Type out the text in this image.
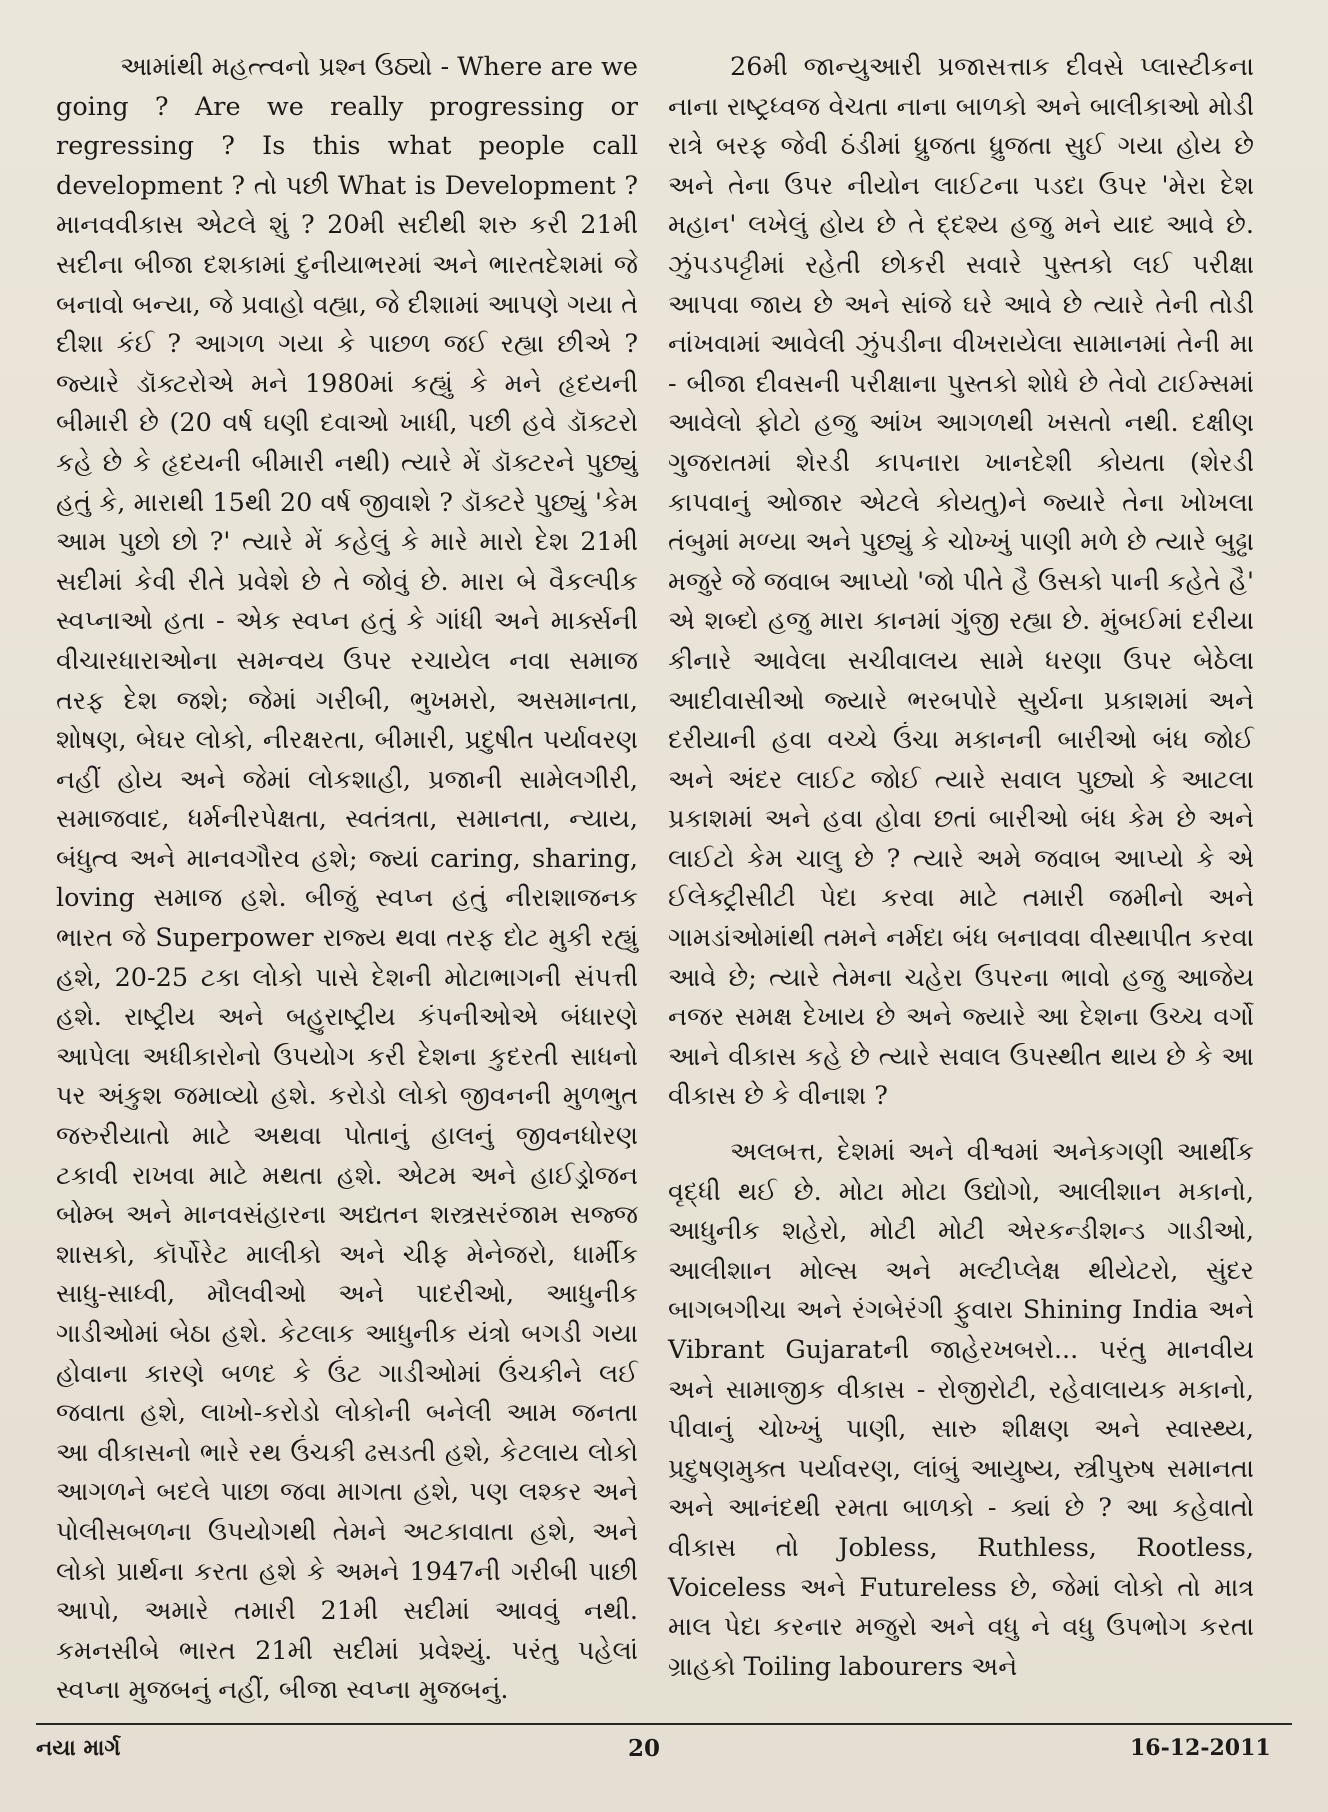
આમાંથી મહત્ત્વનો પ્રશ્ન ઉઠ્યો - Where are we going ? Are we really progressing or regressing ? Is this what people call development ? તો પછી What is Development ? માનવવીકાસ એટલે શું ? 20મી સદીથી શરુ કરી 21મી સદીના બીજા દશકામાં દુનીયાભરમાં અને ભારતદેશમાં જે બનાવો બન્યા, જે પ્રવાહો વહ્યા, જે દીશામાં આપણે ગયા તે દીશા કંઈ ? આગળ ગયા કે પાછળ જઈ રહ્યા છીએ ? જ્યારે ડૉક્ટરોએ મને 1980માં કહ્યું કે મને હૃદયની બીમારી છે (20 વર્ષ ઘણી દવાઓ ખાધી, પછી હવે ડૉક્ટરો કહે છે કે હૃદયની બીમારી નથી) ત્યારે મેં ડૉક્ટરને પુછ્યું હતું કે, મારાથી 15થી 20 વર્ષ જીવાશે ? ડૉક્ટરે પુછ્યું 'કેમ આમ પુછો છો ?' ત્યારે મેં કહેલું કે મારે મારો દેશ 21મી સદીમાં કેવી રીતે પ્રવેશે છે તે જોવું છે. મારા બે વૈકલ્પીક સ્વપ્નાઓ હતા - એક સ્વપ્ન હતું કે ગાંધી અને માર્ક્સની વીચારધારાઓના સમન્વય ઉપર રચાયેલ નવા સમાજ તરફ દેશ જશે; જેમાં ગરીબી, ભુખમરો, અસમાનતા, શોષણ, બેઘર લોકો, નીરક્ષરતા, બીમારી, પ્રદુષીત પર્યાવરણ નહીં હોય અને જેમાં લોકશાહી, પ્રજાની સામેલગીરી, સમાજવાદ, ધર્મનીરપેક્ષતા, સ્વતંત્રતા, સમાનતા, ન્યાય, બંધુત્વ અને માનવગૌરવ હશે; જ્યાં caring, sharing, loving સમાજ હશે. બીજું સ્વપ્ન હતું નીરાશાજનક ભારત જે Superpower રાજ્ય થવા તરફ દોટ મુકી રહ્યું હશે, 20-25 ટકા લોકો પાસે દેશની મોટાભાગની સંપત્તી હશે. રાષ્ટ્રીય અને બહુરાષ્ટ્રીય કંપનીઓએ બંધારણે આપેલા અધીકારોનો ઉપયોગ કરી દેશના કુદરતી સાધનો પર અંકુશ જમાવ્યો હશે. કરોડો લોકો જીવનની મુળભુત જરુરીયાતો માટે અથવા પોતાનું હાલનું જીવનધોરણ ટકાવી રાખવા માટે મથતા હશે. એટમ અને હાઈડ્રોજન બોમ્બ અને માનવસંહારના અદ્યતન શસ્ત્રસરંજામ સજ્જ શાસકો, કૉર્પોરેટ માલીકો અને ચીફ મેનેજરો, ધાર્મીક સાધુ-સાધ્વી, મૌલવીઓ અને પાદરીઓ, આધુનીક ગાડીઓમાં બેઠા હશે. કેટલાક આધુનીક યંત્રો બગડી ગયા હોવાના કારણે બળદ કે ઉંટ ગાડીઓમાં ઉંચકીને લઈ જવાતા હશે, લાખો-કરોડો લોકોની બનેલી આમ જનતા આ વીકાસનો ભારે રથ ઉંચકી ઢસડતી હશે, કેટલાય લોકો આગળને બદલે પાછા જવા માગતા હશે, પણ લશ્કર અને પોલીસબળના ઉપયોગથી તેમને અટકાવાતા હશે, અને લોકો પ્રાર્થના કરતા હશે કે અમને 1947ની ગરીબી પાછી આપો, અમારે તમારી 21મી સદીમાં આવવું નથી. કમનસીબે ભારત 21મી સદીમાં પ્રવેશ્યું. પરંતુ પહેલાં સ્વપ્ના મુજબનું નહીં, બીજા સ્વપ્ના મુજબનું.

26મી જાન્યુઆરી પ્રજાસત્તાક દીવસે પ્લાસ્ટીકના નાના રાષ્ટ્રધ્વજ વેચતા નાના બાળકો અને બાલીકાઓ મોડી રાત્રે બરફ જેવી ઠંડીમાં ધ્રુજતા ધ્રુજતા સુઈ ગયા હોય છે અને તેના ઉપર નીયોન લાઈટના પડદા ઉપર 'મેરા દેશ મહાન' લખેલું હોય છે તે દ્દશ્ય હજુ મને યાદ આવે છે. ઝુંપડપટ્ટીમાં રહેતી છોકરી સવારે પુસ્તકો લઈ પરીક્ષા આપવા જાય છે અને સાંજે ઘરે આવે છે ત્યારે તેની તોડી નાંખવામાં આવેલી ઝુંપડીના વીખરાયેલા સામાનમાં તેની મા - બીજા દીવસની પરીક્ષાના પુસ્તકો શોધે છે તેવો ટાઈમ્સમાં આવેલો ફોટો હજુ આંખ આગળથી ખસતો નથી. દક્ષીણ ગુજરાતમાં શેરડી કાપનારા ખાનદેશી કોયતા (શેરડી કાપવાનું ઓજાર એટલે કોયતુ)ને જ્યારે તેના ખોખલા તંબુમાં મળ્યા અને પુછ્યું કે ચોખ્ખું પાણી મળે છે ત્યારે બુઢ્ઢા મજુરે જે જવાબ આપ્યો 'જો પીતે હૈ ઉસકો પાની કહેતે હૈ' એ શબ્દો હજુ મારા કાનમાં ગુંજી રહ્યા છે. મુંબઈમાં દરીયા કીનારે આવેલા સચીવાલય સામે ધરણા ઉપર બેઠેલા આદીવાસીઓ જ્યારે ભરબપોરે સુર્યના પ્રકાશમાં અને દરીયાની હવા વચ્ચે ઉંચા મકાનની બારીઓ બંધ જોઈ અને અંદર લાઈટ જોઈ ત્યારે સવાલ પુછ્યો કે આટલા પ્રકાશમાં અને હવા હોવા છતાં બારીઓ બંધ કેમ છે અને લાઈટો કેમ ચાલુ છે ? ત્યારે અમે જવાબ આપ્યો કે એ ઈલેક્ટ્રીસીટી પેદા કરવા માટે તમારી જમીનો અને ગામડાંઓમાંથી તમને નર્મદા બંધ બનાવવા વીસ્થાપીત કરવા આવે છે; ત્યારે તેમના ચહેરા ઉપરના ભાવો હજુ આજેય નજર સમક્ષ દેખાય છે અને જ્યારે આ દેશના ઉચ્ચ વર્ગો આને વીકાસ કહે છે ત્યારે સવાલ ઉપસ્થીત થાય છે કે આ વીકાસ છે કે વીનાશ ?

અલબત્ત, દેશમાં અને વીશ્વમાં અનેકગણી આર્થીક વૃદ્ધી થઈ છે. મોટા મોટા ઉદ્યોગો, આલીશાન મકાનો, આધુનીક શહેરો, મોટી મોટી એરકન્ડીશન્ડ ગાડીઓ, આલીશાન મોલ્સ અને મલ્ટીપ્લેક્ષ થીયેટરો, સુંદર બાગબગીચા અને રંગબેરંગી ફુવારા Shining India અને Vibrant Gujaratની જાહેરખબરો... પરંતુ માનવીય અને સામાજીક વીકાસ - રોજીરોટી, રહેવાલાયક મકાનો, પીવાનું ચોખ્ખું પાણી, સારુ શીક્ષણ અને સ્વાસ્થ્ય, પ્રદુષણમુક્ત પર્યાવરણ, લાંબું આયુષ્ય, સ્ત્રીપુરુષ સમાનતા અને આનંદથી રમતા બાળકો - ક્યાં છે ? આ કહેવાતો વીકાસ તો Jobless, Ruthless, Rootless, Voiceless અને Futureless છે, જેમાં લોકો તો માત્ર માલ પેદા કરનાર મજુરો અને વધુ ને વધુ ઉપભોગ કરતા ગ્રાહકો Toiling labourers અને

નયા માર્ગ	20	16-12-2011
